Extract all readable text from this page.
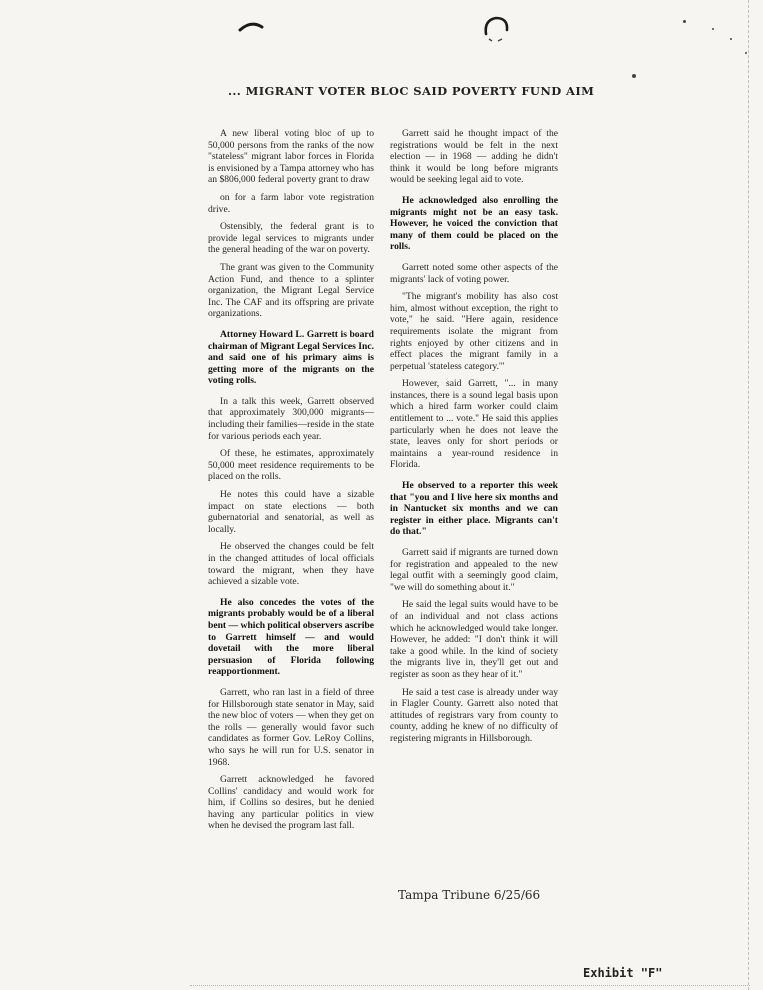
... MIGRANT VOTER BLOC SAID POVERTY FUND AIM

A new liberal voting bloc of up to 50,000 persons from the ranks of the now "stateless" migrant labor forces in Florida is envisioned by a Tampa attorney who has an $806,000 federal poverty grant to draw

on for a farm labor vote registration drive.

Ostensibly, the federal grant is to provide legal services to migrants under the general heading of the war on poverty.

The grant was given to the Community Action Fund, and thence to a splinter organization, the Migrant Legal Service Inc. The CAF and its offspring are private organizations.

Attorney Howard L. Garrett is board chairman of Migrant Legal Services Inc. and said one of his primary aims is getting more of the migrants on the voting rolls.

In a talk this week, Garrett observed that approximately 300,000 migrants—including their families—reside in the state for various periods each year.

Of these, he estimates, approximately 50,000 meet residence requirements to be placed on the rolls.

He notes this could have a sizable impact on state elections — both gubernatorial and senatorial, as well as locally.

He observed the changes could be felt in the changed attitudes of local officials toward the migrant, when they have achieved a sizable vote.

He also concedes the votes of the migrants probably would be of a liberal bent — which political observers ascribe to Garrett himself — and would dovetail with the more liberal persuasion of Florida following reapportionment.

Garrett, who ran last in a field of three for Hillsborough state senator in May, said the new bloc of voters — when they get on the rolls — generally would favor such candidates as former Gov. LeRoy Collins, who says he will run for U.S. senator in 1968.

Garrett acknowledged he favored Collins' candidacy and would work for him, if Collins so desires, but he denied having any particular politics in view when he devised the program last fall.

Garrett said he thought impact of the registrations would be felt in the next election — in 1968 — adding he didn't think it would be long before migrants would be seeking legal aid to vote.

He acknowledged also enrolling the migrants might not be an easy task. However, he voiced the conviction that many of them could be placed on the rolls.

Garrett noted some other aspects of the migrants' lack of voting power.

"The migrant's mobility has also cost him, almost without exception, the right to vote," he said. "Here again, residence requirements isolate the migrant from rights enjoyed by other citizens and in effect places the migrant family in a perpetual 'stateless category.'"

However, said Garrett, "... in many instances, there is a sound legal basis upon which a hired farm worker could claim entitlement to ... vote." He said this applies particularly when he does not leave the state, leaves only for short periods or maintains a year-round residence in Florida.

He observed to a reporter this week that "you and I live here six months and in Nantucket six months and we can register in either place. Migrants can't do that."

Garrett said if migrants are turned down for registration and appealed to the new legal outfit with a seemingly good claim, "we will do something about it."

He said the legal suits would have to be of an individual and not class actions which he acknowledged would take longer. However, he added: "I don't think it will take a good while. In the kind of society the migrants live in, they'll get out and register as soon as they hear of it."

He said a test case is already under way in Flagler County. Garrett also noted that attitudes of registrars vary from county to county, adding he knew of no difficulty of registering migrants in Hillsborough.

Tampa Tribune 6/25/66
Exhibit "F"
